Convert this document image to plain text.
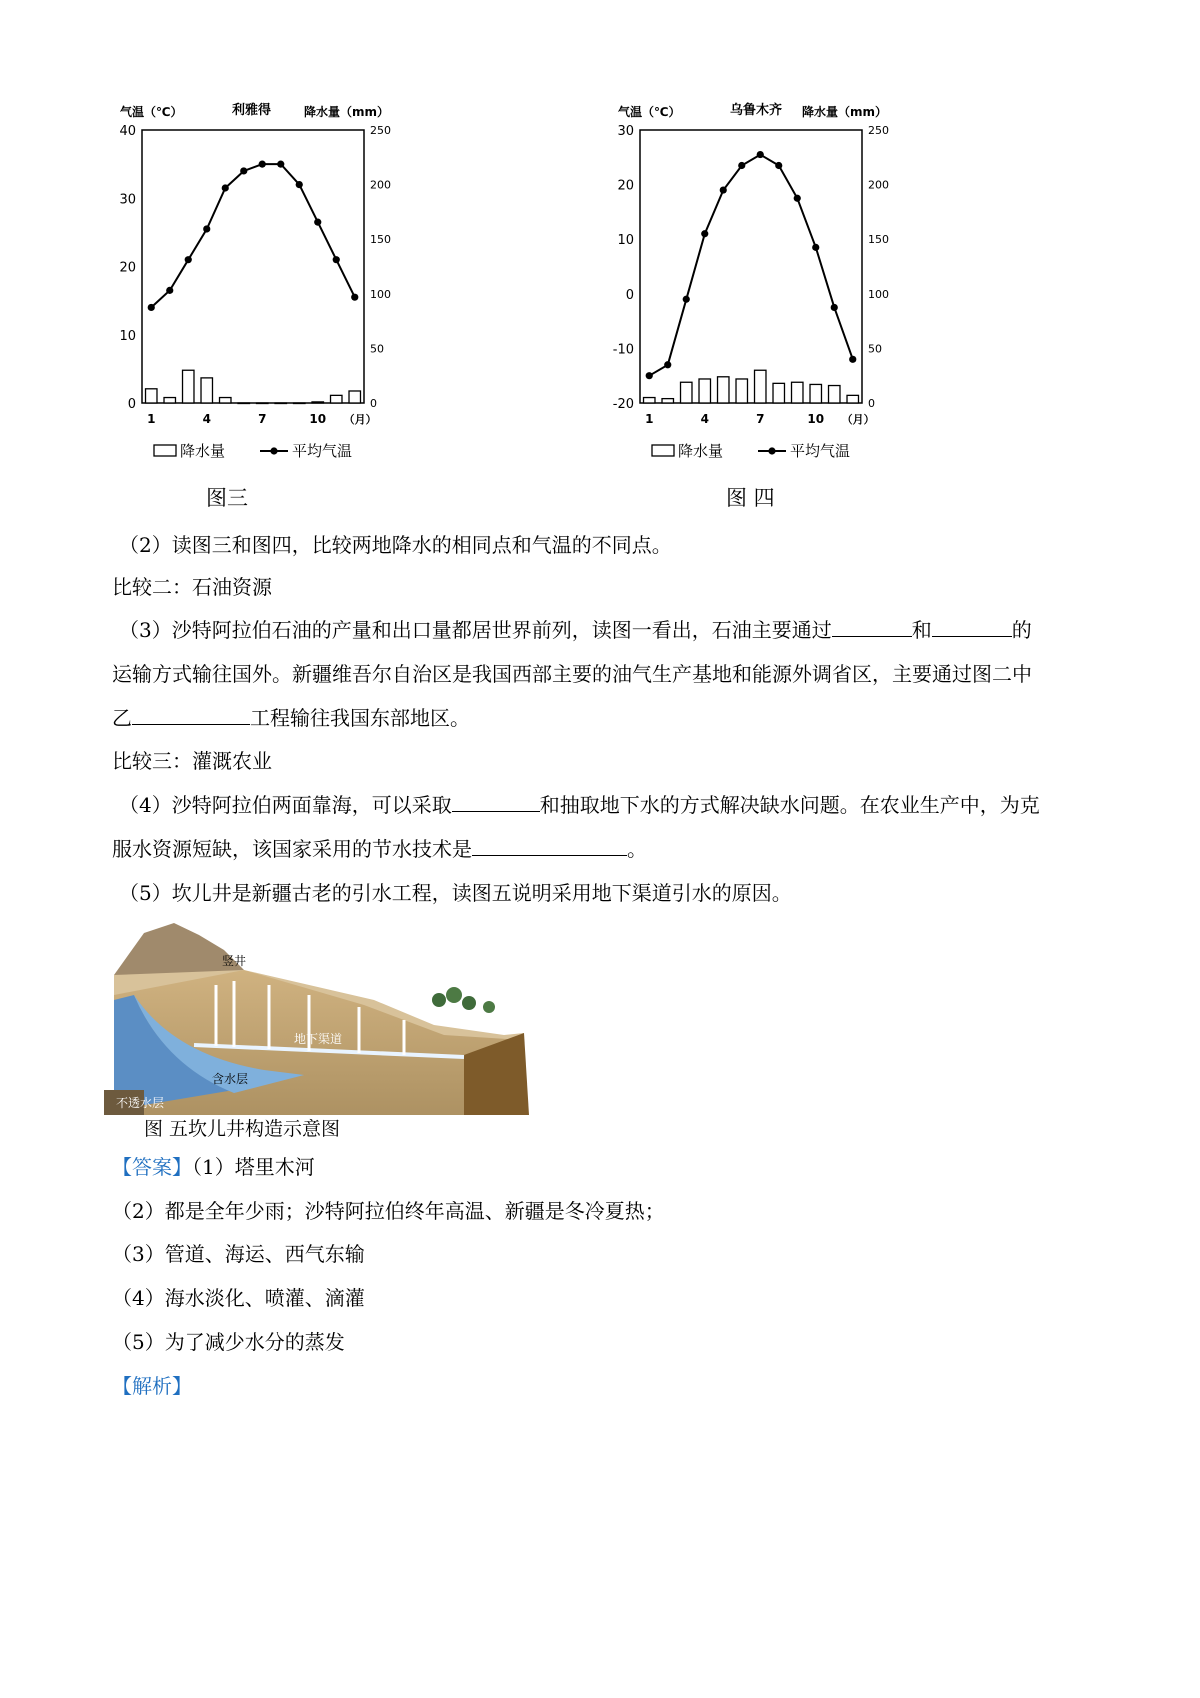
气温（℃）	利雅得	降水量（mm）
0
10
20
30
40
0
50
100
150
200
250
1	4	7	10 （月）
降水量	平均气温
气温（℃）	乌鲁木齐 降水量（mm）
-20
-10
0
10
20
30
0
50
100
150
200
250
1	4	7	10 （月）
降水量	平均气温
图三	图 四
（2）读图三和图四，比较两地降水的相同点和气温的不同点。
比较二：石油资源
（3）沙特阿拉伯石油的产量和出口量都居世界前列，读图一看出，石油主要通过	和	的
运输方式输往国外。新疆维吾尔自治区是我国西部主要的油气生产基地和能源外调省区，主要通过图二中
乙	工程输往我国东部地区。
比较三：灌溉农业
（4）沙特阿拉伯两面靠海，可以采取	和抽取地下水的方式解决缺水问题。在农业生产中，为克
服水资源短缺，该国家采用的节水技术是	。
（5）坎儿井是新疆古老的引水工程，读图五说明采用地下渠道引水的原因。
竖井
地下渠道
含水层
不透水层
图 五坎儿井构造示意图
【答案】（1）塔里木河
（2）都是全年少雨；沙特阿拉伯终年高温、新疆是冬冷夏热；
（3）管道、海运、西气东输
（4）海水淡化、喷灌、滴灌
（5）为了减少水分的蒸发
【解析】
